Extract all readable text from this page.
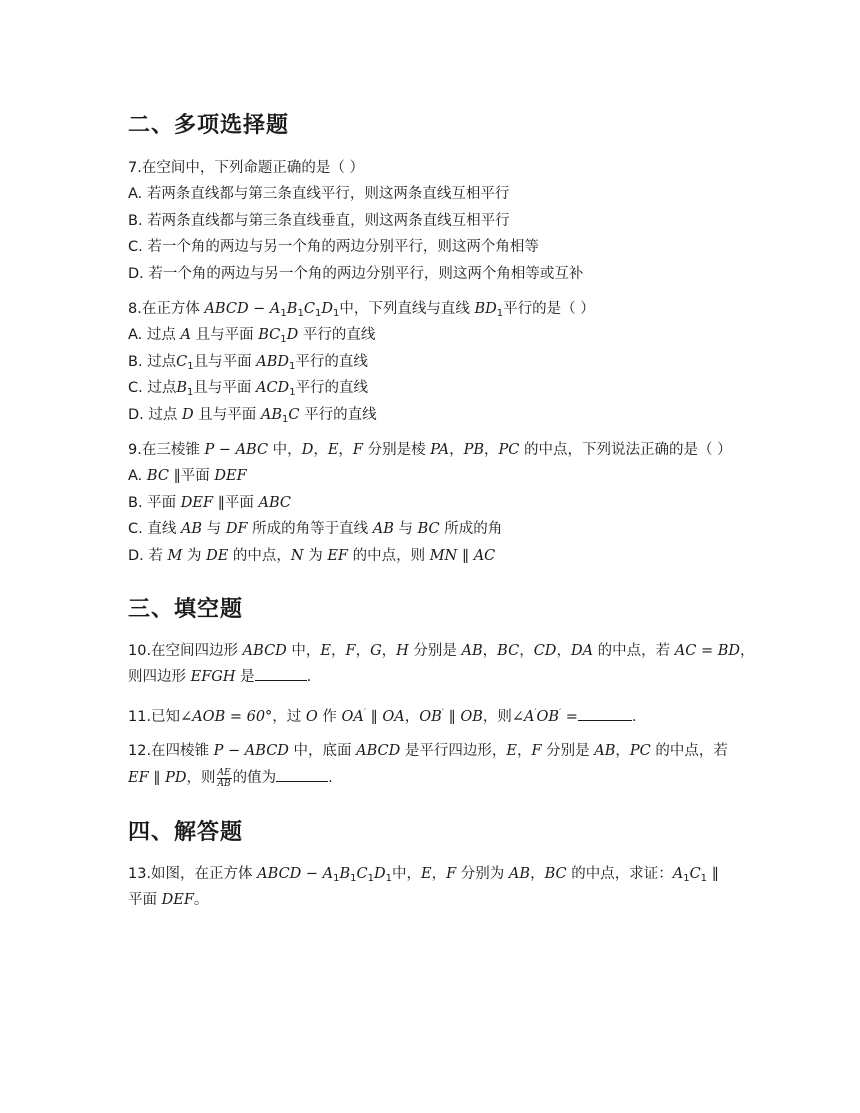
二、多项选择题
7.在空间中，下列命题正确的是（ ）
A. 若两条直线都与第三条直线平行，则这两条直线互相平行
B. 若两条直线都与第三条直线垂直，则这两条直线互相平行
C. 若一个角的两边与另一个角的两边分别平行，则这两个角相等
D. 若一个角的两边与另一个角的两边分别平行，则这两个角相等或互补
8.在正方体 ABCD − $A_1B_1C_1D_1$中，下列直线与直线 $BD_1$平行的是（ ）
A. 过点 A 且与平面 $BC_1D$ 平行的直线
B. 过点$C_1$且与平面 $ABD_1$平行的直线
C. 过点$B_1$且与平面 $ACD_1$平行的直线
D. 过点 D 且与平面 $AB_1C$ 平行的直线
9.在三棱锥 P − ABC 中，D，E，F 分别是棱 PA，PB，PC 的中点，下列说法正确的是（ ）
A. BC ∥平面 DEF
B. 平面 DEF ∥平面 ABC
C. 直线 AB 与 DF 所成的角等于直线 AB 与 BC 所成的角
D. 若 M 为 DE 的中点，N 为 EF 的中点，则 MN ∥ AC
三、填空题
10.在空间四边形 ABCD 中，E，F，G，H 分别是 AB，BC，CD，DA 的中点，若 AC = BD，
则四边形 EFGH 是	.
11.已知∠AOB = 60°，过 O 作 OA′ ∥ OA，OB′ ∥ OB，则∠A′OB′ =	.
12.在四棱锥 P − ABCD 中，底面 ABCD 是平行四边形，E，F 分别是 AB，PC 的中点，若
EF ∥ PD，则 $\frac{AE}{AB}$ 的值为	.
四、解答题
13.如图，在正方体 ABCD − $A_1B_1C_1D_1$中，E，F 分别为 AB，BC 的中点，求证：$A_1C_1$ ∥
平面 DEF。
